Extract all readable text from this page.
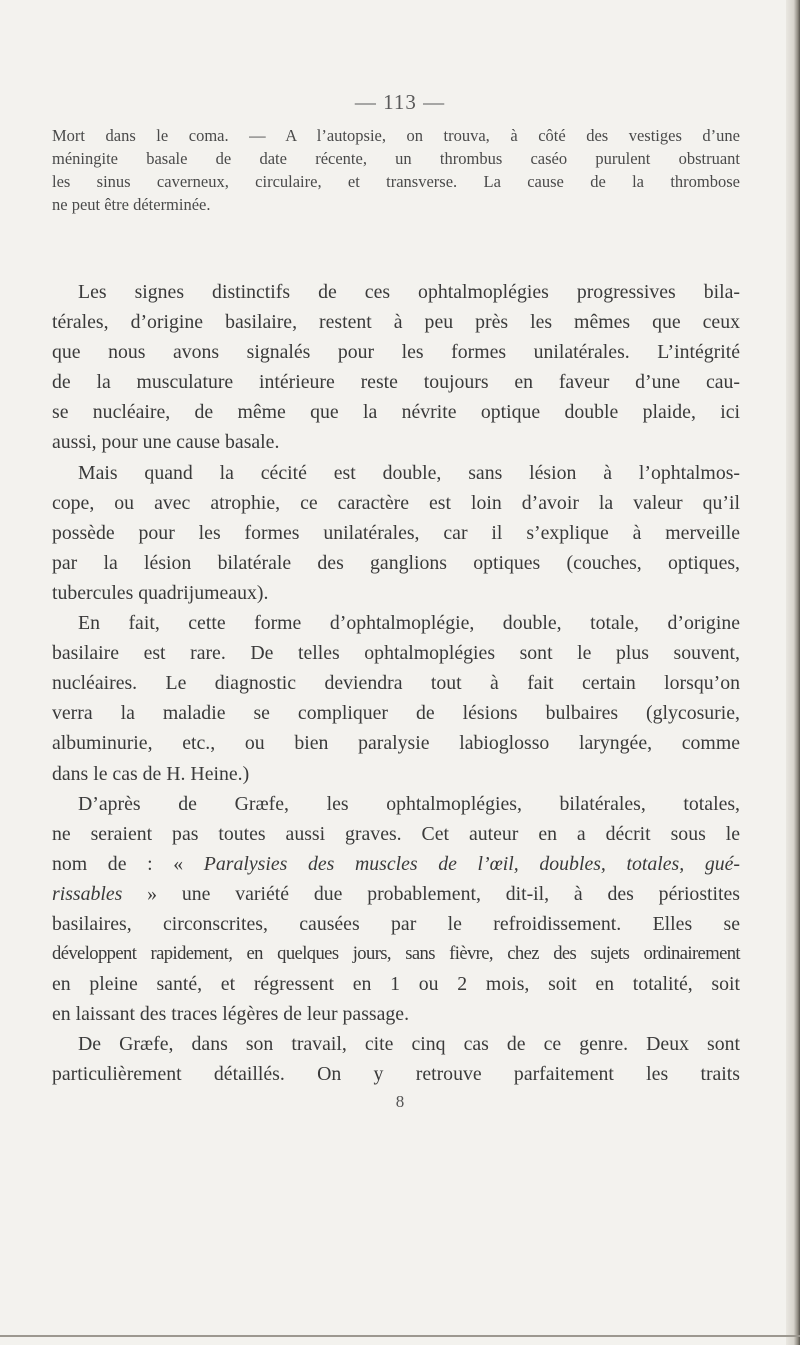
— 113 —
Mort dans le coma. — A l’autopsie, on trouva, à côté des vestiges d’une
méningite basale de date récente, un thrombus caséo purulent obstruant
les sinus caverneux, circulaire, et transverse. La cause de la thrombose
ne peut être déterminée.
Les signes distinctifs de ces ophtalmoplégies progressives bila-
térales, d’origine basilaire, restent à peu près les mêmes que ceux
que nous avons signalés pour les formes unilatérales. L’intégrité
de la musculature intérieure reste toujours en faveur d’une cau-
se nucléaire, de même que la névrite optique double plaide, ici
aussi, pour une cause basale.
Mais quand la cécité est double, sans lésion à l’ophtalmos-
cope, ou avec atrophie, ce caractère est loin d’avoir la valeur qu’il
possède pour les formes unilatérales, car il s’explique à merveille
par la lésion bilatérale des ganglions optiques (couches, optiques,
tubercules quadrijumeaux).
En fait, cette forme d’ophtalmoplégie, double, totale, d’origine
basilaire est rare. De telles ophtalmoplégies sont le plus souvent,
nucléaires. Le diagnostic deviendra tout à fait certain lorsqu’on
verra la maladie se compliquer de lésions bulbaires (glycosurie,
albuminurie, etc., ou bien paralysie labioglosso laryngée, comme
dans le cas de H. Heine.)
D’après de Græfe, les ophtalmoplégies, bilatérales, totales,
ne seraient pas toutes aussi graves. Cet auteur en a décrit sous le
nom de : « Paralysies des muscles de l’œil, doubles, totales, gué-
rissables » une variété due probablement, dit-il, à des périostites
basilaires, circonscrites, causées par le refroidissement. Elles se
développent rapidement, en quelques jours, sans fièvre, chez des sujets ordinairement
en pleine santé, et régressent en 1 ou 2 mois, soit en totalité, soit
en laissant des traces légères de leur passage.
De Græfe, dans son travail, cite cinq cas de ce genre. Deux sont
particulièrement détaillés. On y retrouve parfaitement les traits
8
